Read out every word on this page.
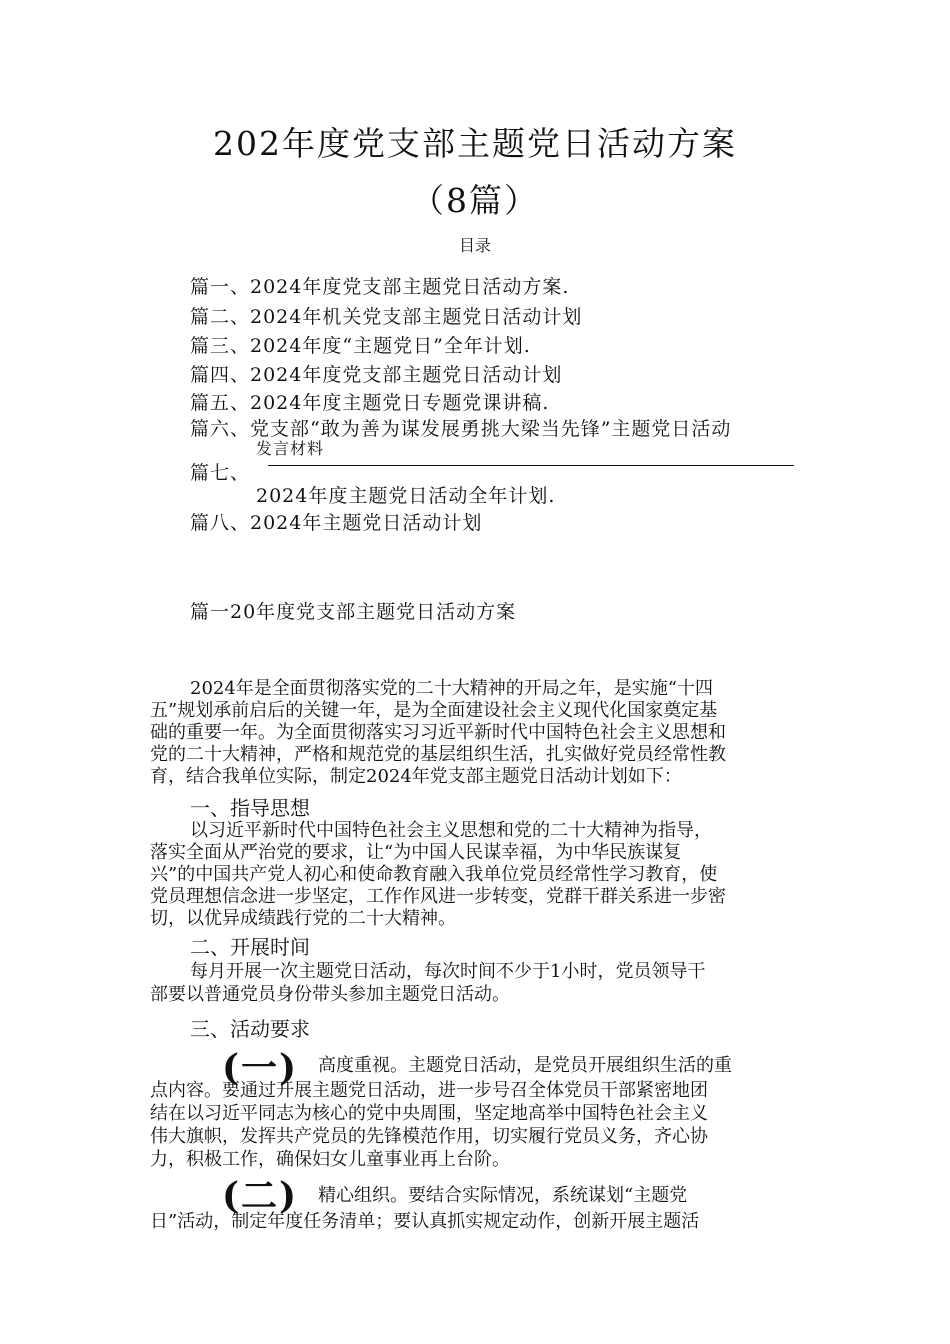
202年度党支部主题党日活动方案
（8篇）
目录
篇一、2024年度党支部主题党日活动方案.
篇二、2024年机关党支部主题党日活动计划
篇三、2024年度“主题党日”全年计划.
篇四、2024年度党支部主题党日活动计划
篇五、2024年度主题党日专题党课讲稿.
篇六、党支部“敢为善为谋发展勇挑大梁当先锋”主题党日活动
发言材料
篇七、
2024年度主题党日活动全年计划.
篇八、2024年主题党日活动计划
篇一20年度党支部主题党日活动方案
2024年是全面贯彻落实党的二十大精神的开局之年，是实施“十四
五”规划承前启后的关键一年，是为全面建设社会主义现代化国家奠定基
础的重要一年。为全面贯彻落实习习近平新时代中国特色社会主义思想和
党的二十大精神，严格和规范党的基层组织生活，扎实做好党员经常性教
育，结合我单位实际，制定2024年党支部主题党日活动计划如下：
一、指导思想
以习近平新时代中国特色社会主义思想和党的二十大精神为指导，
落实全面从严治党的要求，让“为中国人民谋幸福，为中华民族谋复
兴”的中国共产党人初心和使命教育融入我单位党员经常性学习教育，使
党员理想信念进一步坚定，工作作风进一步转变，党群干群关系进一步密
切，以优异成绩践行党的二十大精神。
二、开展时间
每月开展一次主题党日活动，每次时间不少于1小时，党员领导干
部要以普通党员身份带头参加主题党日活动。
三、活动要求
(一) 高度重视。主题党日活动，是党员开展组织生活的重
点内容。要通过开展主题党日活动，进一步号召全体党员干部紧密地团
结在以习近平同志为核心的党中央周围，坚定地高举中国特色社会主义
伟大旗帜，发挥共产党员的先锋模范作用，切实履行党员义务，齐心协
力，积极工作，确保妇女儿童事业再上台阶。
(二) 精心组织。要结合实际情况，系统谋划“主题党
日”活动，制定年度任务清单；要认真抓实规定动作，创新开展主题活
